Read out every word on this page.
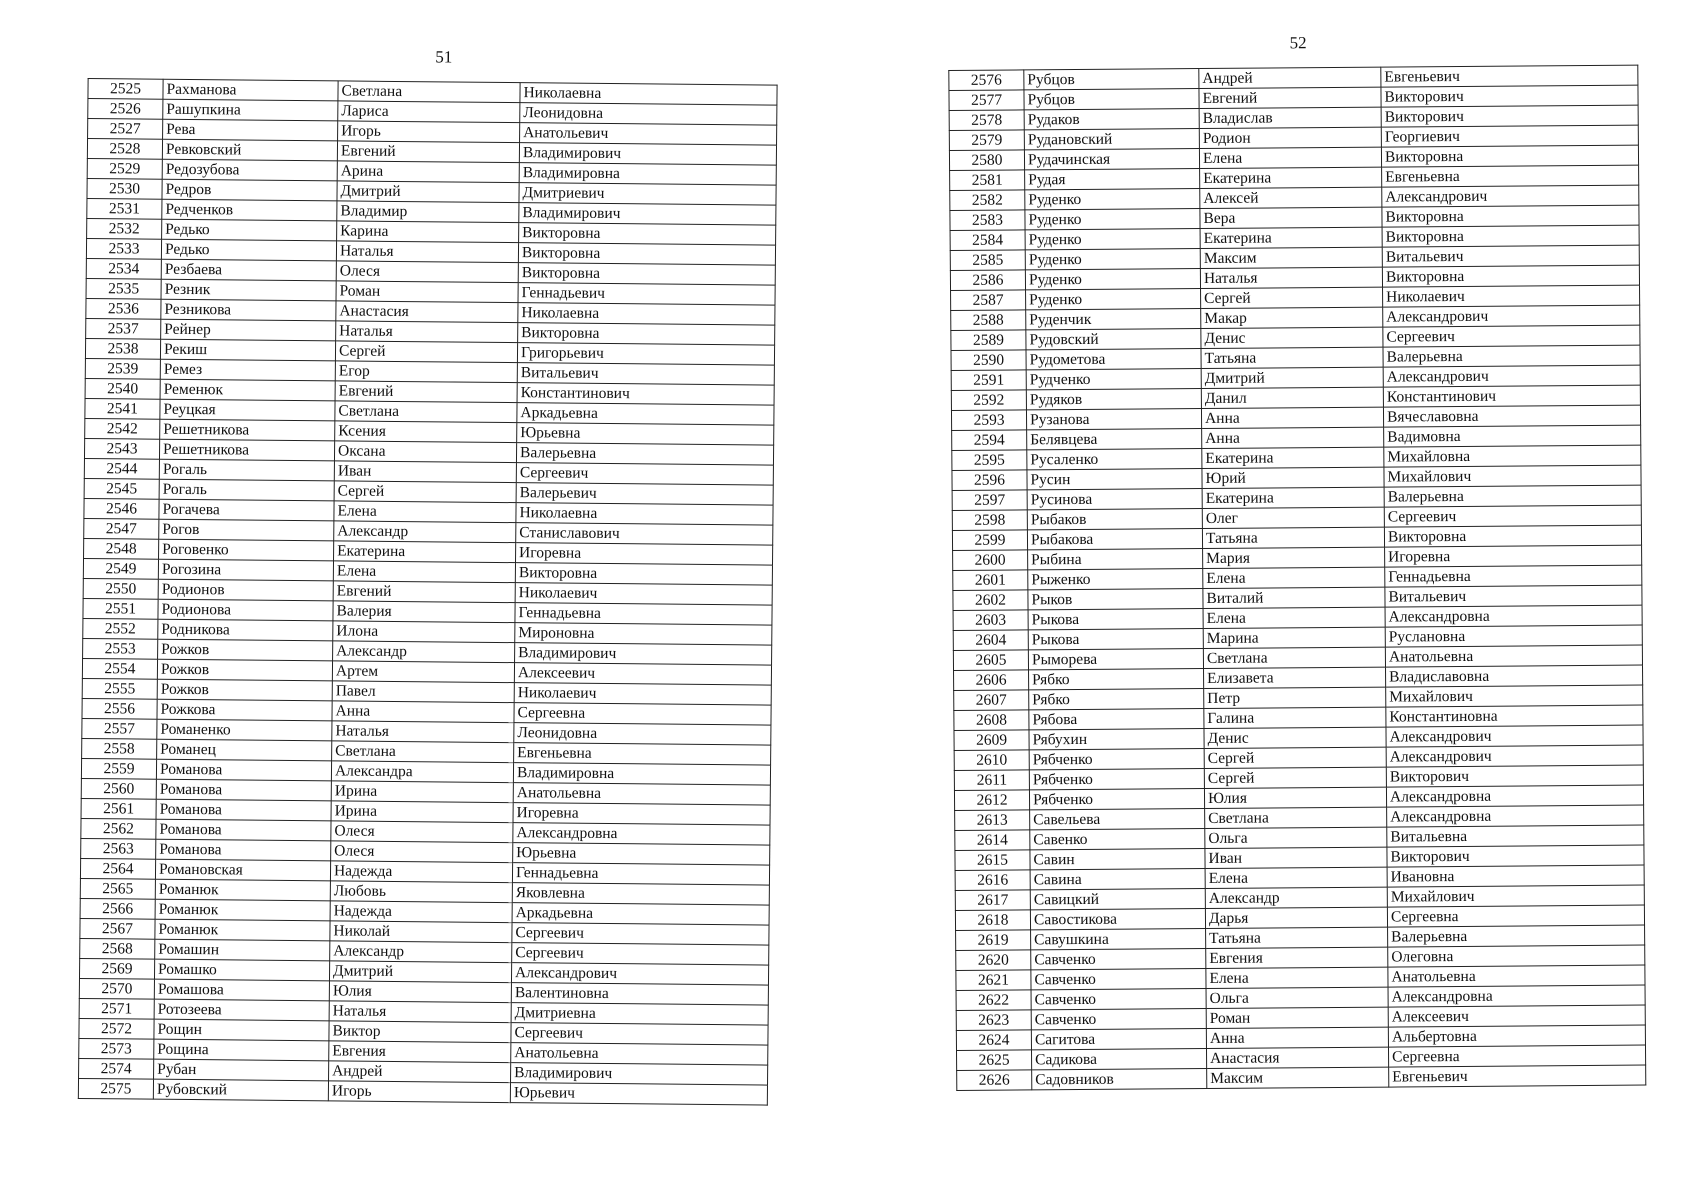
51
2525	Рахманова	Светлана	Николаевна
2526	Рашупкина	Лариса	Леонидовна
2527	Рева	Игорь	Анатольевич
2528	Ревковский	Евгений	Владимирович
2529	Редозубова	Арина	Владимировна
2530	Редров	Дмитрий	Дмитриевич
2531	Редченков	Владимир	Владимирович
2532	Редько	Карина	Викторовна
2533	Редько	Наталья	Викторовна
2534	Резбаева	Олеся	Викторовна
2535	Резник	Роман	Геннадьевич
2536	Резникова	Анастасия	Николаевна
2537	Рейнер	Наталья	Викторовна
2538	Рекиш	Сергей	Григорьевич
2539	Ремез	Егор	Витальевич
2540	Ременюк	Евгений	Константинович
2541	Реуцкая	Светлана	Аркадьевна
2542	Решетникова	Ксения	Юрьевна
2543	Решетникова	Оксана	Валерьевна
2544	Рогаль	Иван	Сергеевич
2545	Рогаль	Сергей	Валерьевич
2546	Рогачева	Елена	Николаевна
2547	Рогов	Александр	Станиславович
2548	Роговенко	Екатерина	Игоревна
2549	Рогозина	Елена	Викторовна
2550	Родионов	Евгений	Николаевич
2551	Родионова	Валерия	Геннадьевна
2552	Родникова	Илона	Мироновна
2553	Рожков	Александр	Владимирович
2554	Рожков	Артем	Алексеевич
2555	Рожков	Павел	Николаевич
2556	Рожкова	Анна	Сергеевна
2557	Романенко	Наталья	Леонидовна
2558	Романец	Светлана	Евгеньевна
2559	Романова	Александра	Владимировна
2560	Романова	Ирина	Анатольевна
2561	Романова	Ирина	Игоревна
2562	Романова	Олеся	Александровна
2563	Романова	Олеся	Юрьевна
2564	Романовская	Надежда	Геннадьевна
2565	Романюк	Любовь	Яковлевна
2566	Романюк	Надежда	Аркадьевна
2567	Романюк	Николай	Сергеевич
2568	Ромашин	Александр	Сергеевич
2569	Ромашко	Дмитрий	Александрович
2570	Ромашова	Юлия	Валентиновна
2571	Ротозеева	Наталья	Дмитриевна
2572	Рощин	Виктор	Сергеевич
2573	Рощина	Евгения	Анатольевна
2574	Рубан	Андрей	Владимирович
2575	Рубовский	Игорь	Юрьевич
52
2576	Рубцов	Андрей	Евгеньевич
2577	Рубцов	Евгений	Викторович
2578	Рудаков	Владислав	Викторович
2579	Рудановский	Родион	Георгиевич
2580	Рудачинская	Елена	Викторовна
2581	Рудая	Екатерина	Евгеньевна
2582	Руденко	Алексей	Александрович
2583	Руденко	Вера	Викторовна
2584	Руденко	Екатерина	Викторовна
2585	Руденко	Максим	Витальевич
2586	Руденко	Наталья	Викторовна
2587	Руденко	Сергей	Николаевич
2588	Руденчик	Макар	Александрович
2589	Рудовский	Денис	Сергеевич
2590	Рудометова	Татьяна	Валерьевна
2591	Рудченко	Дмитрий	Александрович
2592	Рудяков	Данил	Константинович
2593	Рузанова	Анна	Вячеславовна
2594	Белявцева	Анна	Вадимовна
2595	Русаленко	Екатерина	Михайловна
2596	Русин	Юрий	Михайлович
2597	Русинова	Екатерина	Валерьевна
2598	Рыбаков	Олег	Сергеевич
2599	Рыбакова	Татьяна	Викторовна
2600	Рыбина	Мария	Игоревна
2601	Рыженко	Елена	Геннадьевна
2602	Рыков	Виталий	Витальевич
2603	Рыкова	Елена	Александровна
2604	Рыкова	Марина	Руслановна
2605	Рыморева	Светлана	Анатольевна
2606	Рябко	Елизавета	Владиславовна
2607	Рябко	Петр	Михайлович
2608	Рябова	Галина	Константиновна
2609	Рябухин	Денис	Александрович
2610	Рябченко	Сергей	Александрович
2611	Рябченко	Сергей	Викторович
2612	Рябченко	Юлия	Александровна
2613	Савельева	Светлана	Александровна
2614	Савенко	Ольга	Витальевна
2615	Савин	Иван	Викторович
2616	Савина	Елена	Ивановна
2617	Савицкий	Александр	Михайлович
2618	Савостикова	Дарья	Сергеевна
2619	Савушкина	Татьяна	Валерьевна
2620	Савченко	Евгения	Олеговна
2621	Савченко	Елена	Анатольевна
2622	Савченко	Ольга	Александровна
2623	Савченко	Роман	Алексеевич
2624	Сагитова	Анна	Альбертовна
2625	Садикова	Анастасия	Сергеевна
2626	Садовников	Максим	Евгеньевич
